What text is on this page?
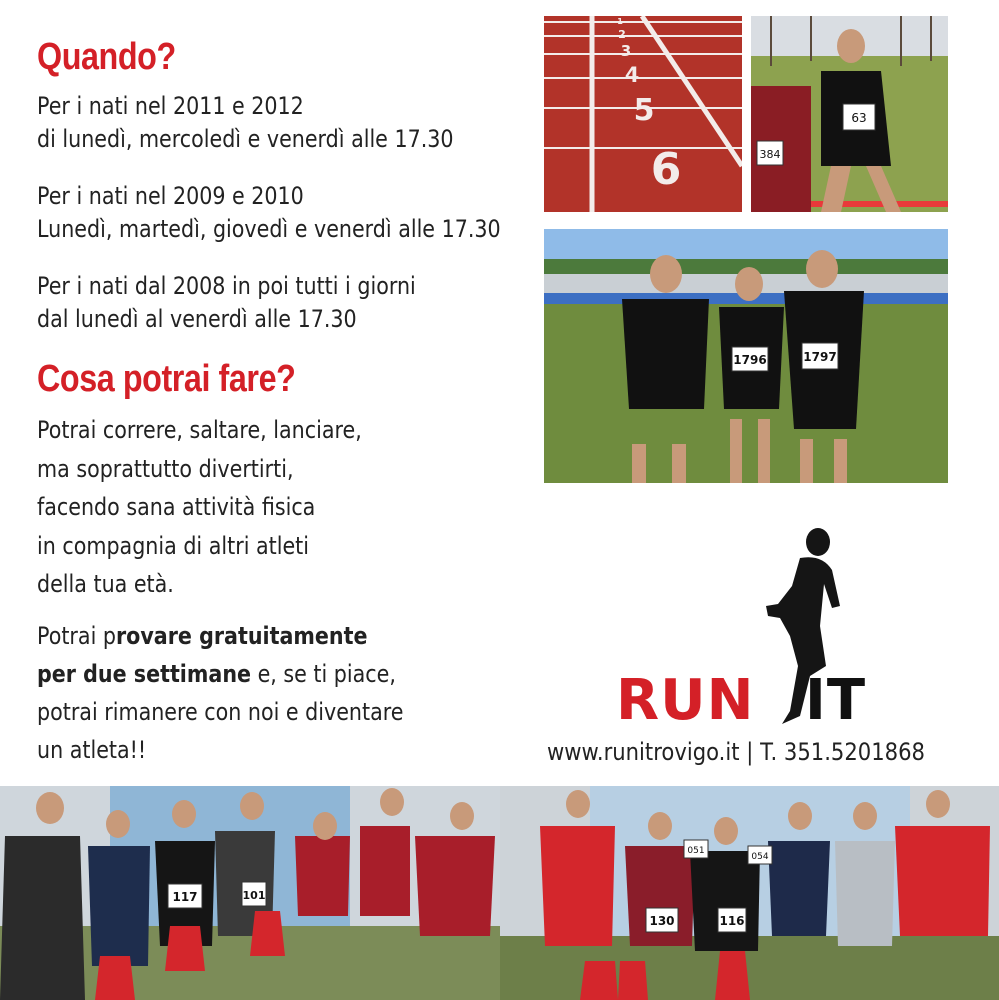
Quando?
Per i nati nel 2011 e 2012
di lunedì, mercoledì e venerdì alle 17.30
Per i nati nel 2009 e 2010
Lunedì, martedì, giovedì e venerdì alle 17.30
Per i nati dal 2008 in poi tutti i giorni
dal lunedì al venerdì alle 17.30
Cosa potrai fare?
Potrai correre, saltare, lanciare,
ma soprattutto divertirti,
facendo sana attività fisica
in compagnia di altri atleti
della tua età.
Potrai provare gratuitamente
per due settimane e, se ti piace,
potrai rimanere con noi e diventare
un atleta!!
1
2
3
4
5
6	384
63
1796	1797
RUN IT
www.runitrovigo.it | T. 351.5201868
117	101
130	116
051
054
